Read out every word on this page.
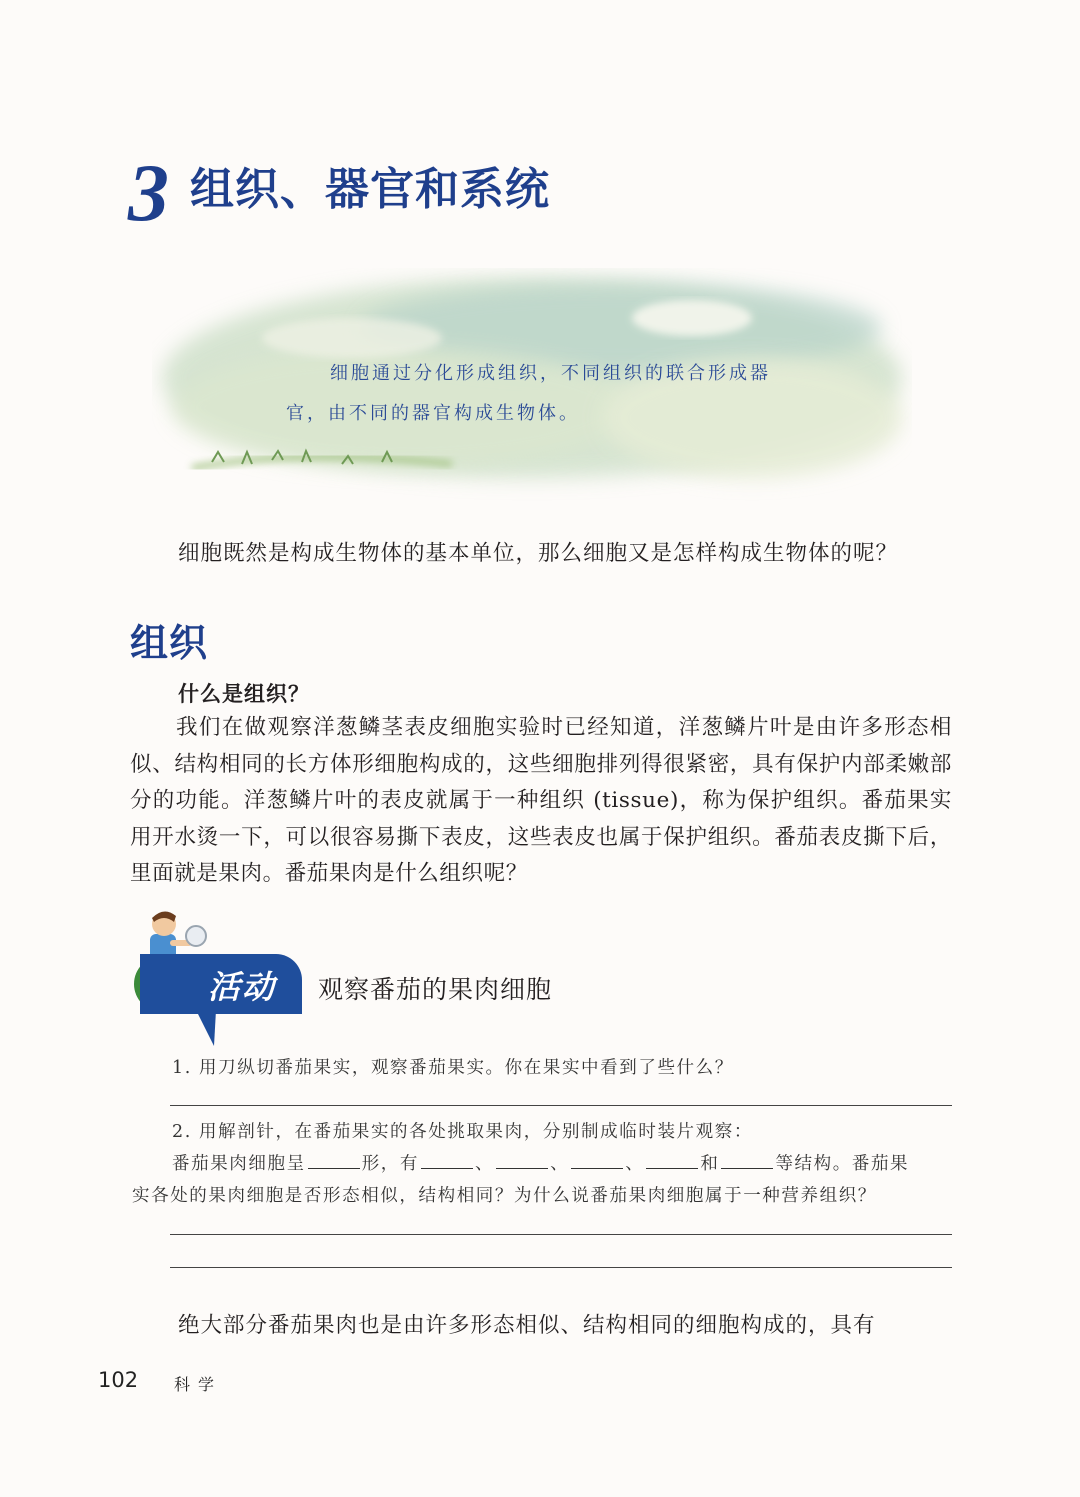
3 组织、器官和系统
细胞通过分化形成组织，不同组织的联合形成器
官，由不同的器官构成生物体。
细胞既然是构成生物体的基本单位，那么细胞又是怎样构成生物体的呢？
组织
什么是组织？
我们在做观察洋葱鳞茎表皮细胞实验时已经知道，洋葱鳞片叶是由许多形态相似、结构相同的长方体形细胞构成的，这些细胞排列得很紧密，具有保护内部柔嫩部分的功能。洋葱鳞片叶的表皮就属于一种组织 (tissue)，称为保护组织。番茄果实用开水烫一下，可以很容易撕下表皮，这些表皮也属于保护组织。番茄表皮撕下后，里面就是果肉。番茄果肉是什么组织呢？
活动 观察番茄的果肉细胞
1. 用刀纵切番茄果实，观察番茄果实。你在果实中看到了些什么？
2. 用解剖针，在番茄果实的各处挑取果肉，分别制成临时装片观察：
番茄果肉细胞呈	形，有	、	、	、	和	等结构。番茄果
实各处的果肉细胞是否形态相似，结构相同？为什么说番茄果肉细胞属于一种营养组织？
绝大部分番茄果肉也是由许多形态相似、结构相同的细胞构成的，具有
102 科学
